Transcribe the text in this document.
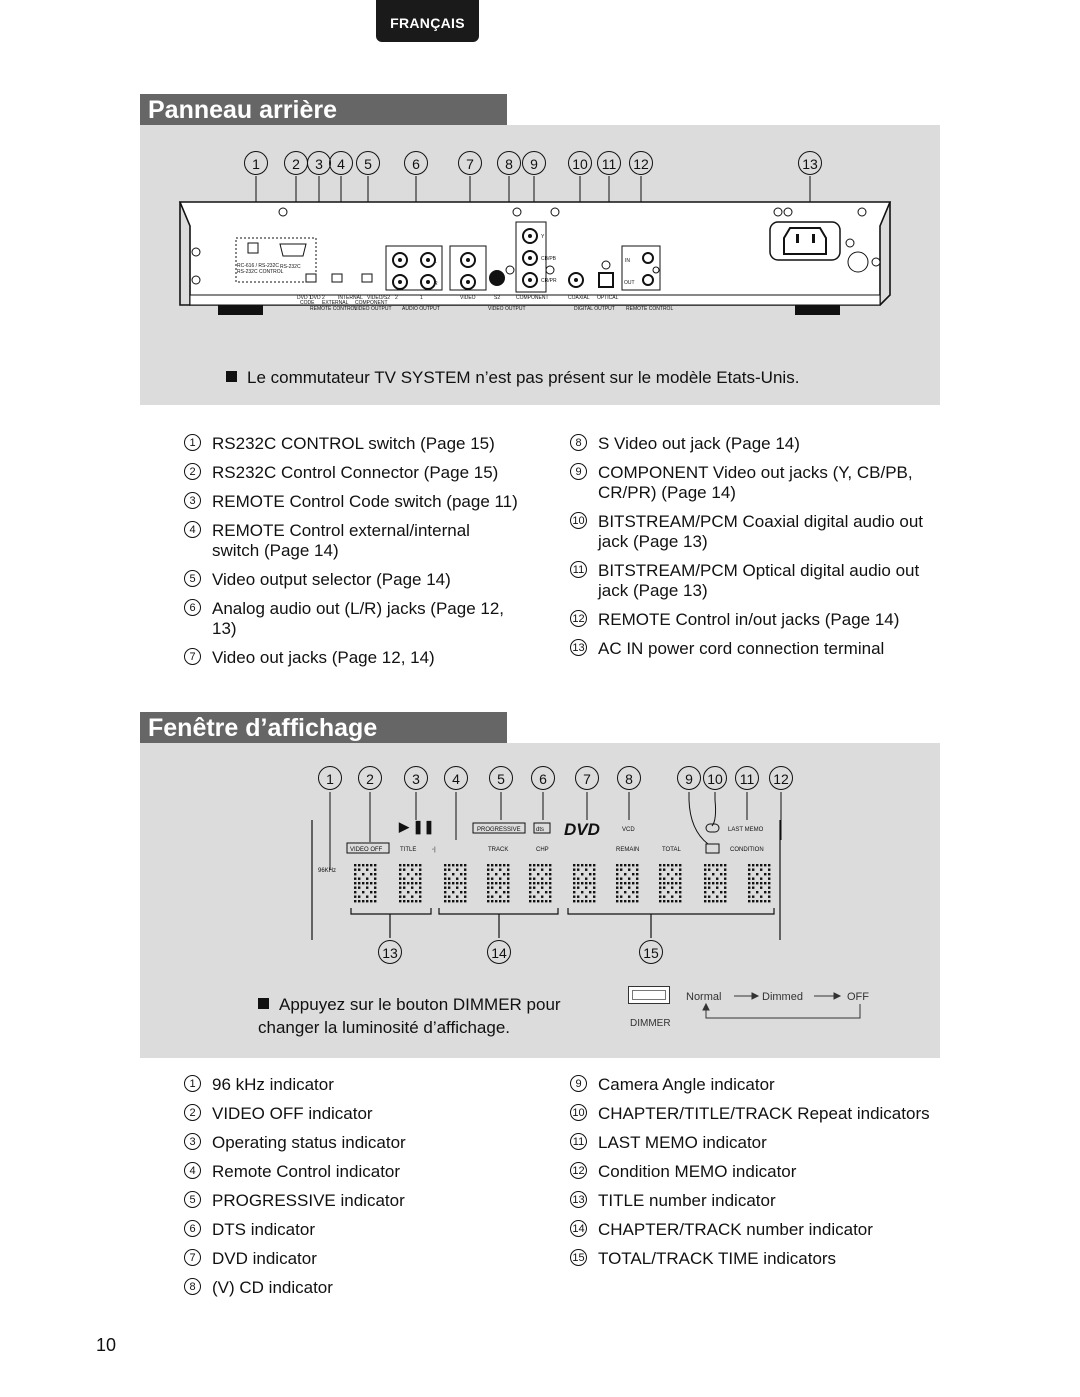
FRANÇAIS
Panneau arrière
1	2	3	4	5	6	7	8	9	10 11	12	13
RC-616 / RS-232C
RS-232C CONTROL
RS-232C
DVD 1
DVD 2
CODE EXTERNAL
INTERNAL
COMPONENT
VIDEO/S2 2	1
L
R
VIDEO	S2	COMPONENT	COAXIAL OPTICAL
IN
OUT
Y
CB/PB
CR/PR
REMOTE CONTROL
VIDEO OUTPUT AUDIO OUTPUT	VIDEO OUTPUT	DIGITAL OUTPUT REMOTE CONTROL
Le commutateur TV SYSTEM n’est pas présent sur le modèle Etats-Unis.
1 RS232C CONTROL switch (Page 15)
2 RS232C Control Connector (Page 15)
3 REMOTE Control Code switch (page 11)
4 REMOTE Control external/internal switch (Page 14)
5 Video output selector (Page 14)
6 Analog audio out (L/R) jacks (Page 12, 13)
7 Video out jacks (Page 12, 14)
8 S Video out jack (Page 14)
9 COMPONENT Video out jacks (Y, CB/PB, CR/PR) (Page 14)
10 BITSTREAM/PCM Coaxial digital audio out jack (Page 13)
11 BITSTREAM/PCM Optical digital audio out jack (Page 13)
12 REMOTE Control in/out jacks (Page 14)
13 AC IN power cord connection terminal
Fenêtre d’affichage
1	2	3	4	5	6	7	8	9	10	11	12
▶ ❚❚	PROGRESSIVE	dts DVD	VCD	LAST MEMO
VIDEO OFF	TITLE	TRACK	CHP	REMAIN	TOTAL	CONDITION
96KHz
◦|
13	14	15
Appuyez sur le bouton DIMMER pour changer la luminosité d’affichage.	DIMMER
Normal	Dimmed	OFF
1 96 kHz indicator
2 VIDEO OFF indicator
3 Operating status indicator
4 Remote Control indicator
5 PROGRESSIVE indicator
6 DTS indicator
7 DVD indicator
8 (V) CD indicator
9 Camera Angle indicator
10 CHAPTER/TITLE/TRACK Repeat indicators
11 LAST MEMO indicator
12 Condition MEMO indicator
13 TITLE number indicator
14 CHAPTER/TRACK number indicator
15 TOTAL/TRACK TIME indicators
10
